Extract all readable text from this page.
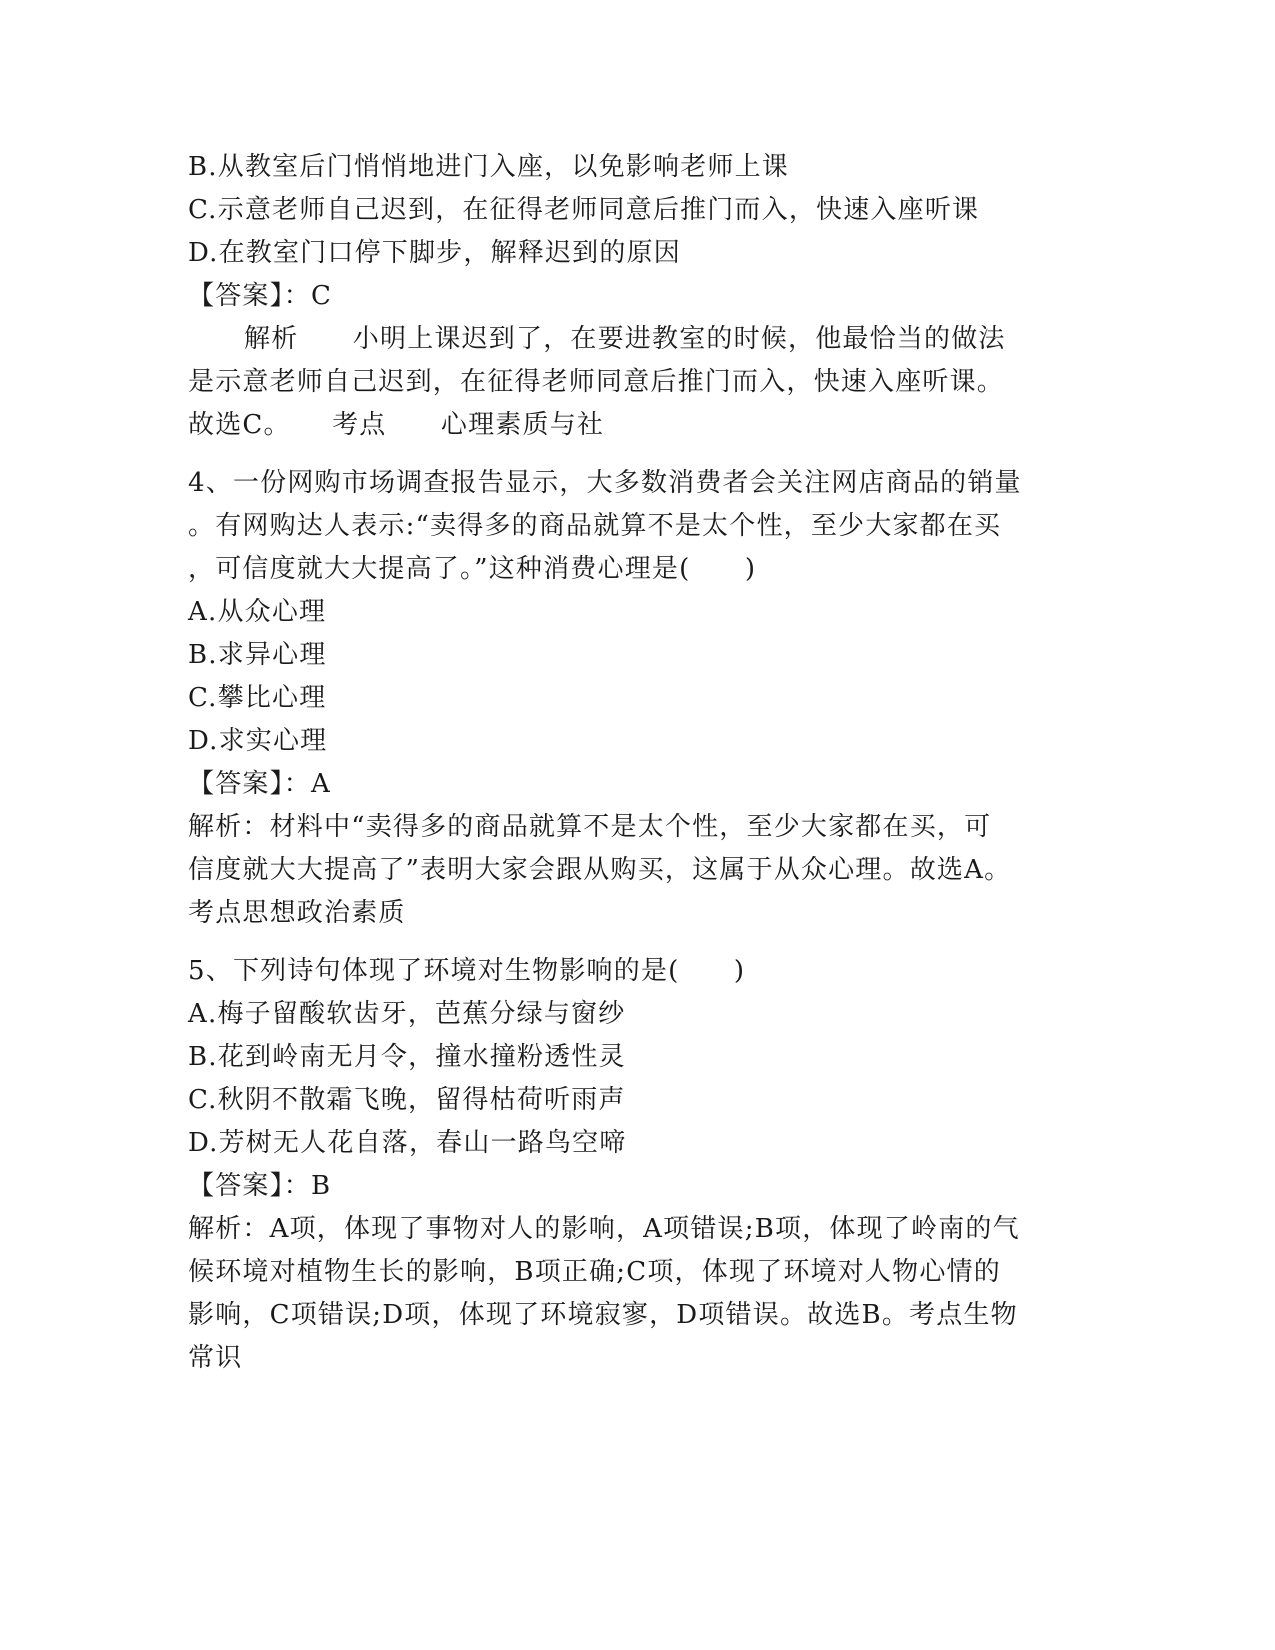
B.从教室后门悄悄地进门入座，以免影响老师上课
C.示意老师自己迟到，在征得老师同意后推门而入，快速入座听课
D.在教室门口停下脚步，解释迟到的原因
【答案】：C
解析　　小明上课迟到了，在要进教室的时候，他最恰当的做法
是示意老师自己迟到，在征得老师同意后推门而入，快速入座听课。
故选C。　　考点　　心理素质与社
4、一份网购市场调查报告显示，大多数消费者会关注网店商品的销量
。有网购达人表示:“卖得多的商品就算不是太个性，至少大家都在买
，可信度就大大提高了。”这种消费心理是(　　)
A.从众心理
B.求异心理
C.攀比心理
D.求实心理
【答案】：A
解析：材料中“卖得多的商品就算不是太个性，至少大家都在买，可
信度就大大提高了”表明大家会跟从购买，这属于从众心理。故选A。
考点思想政治素质
5、下列诗句体现了环境对生物影响的是(　　)
A.梅子留酸软齿牙，芭蕉分绿与窗纱
B.花到岭南无月令，撞水撞粉透性灵
C.秋阴不散霜飞晚，留得枯荷听雨声
D.芳树无人花自落，春山一路鸟空啼
【答案】：B
解析：A项，体现了事物对人的影响，A项错误;B项，体现了岭南的气
候环境对植物生长的影响，B项正确;C项，体现了环境对人物心情的
影响，C项错误;D项，体现了环境寂寥，D项错误。故选B。考点生物
常识
